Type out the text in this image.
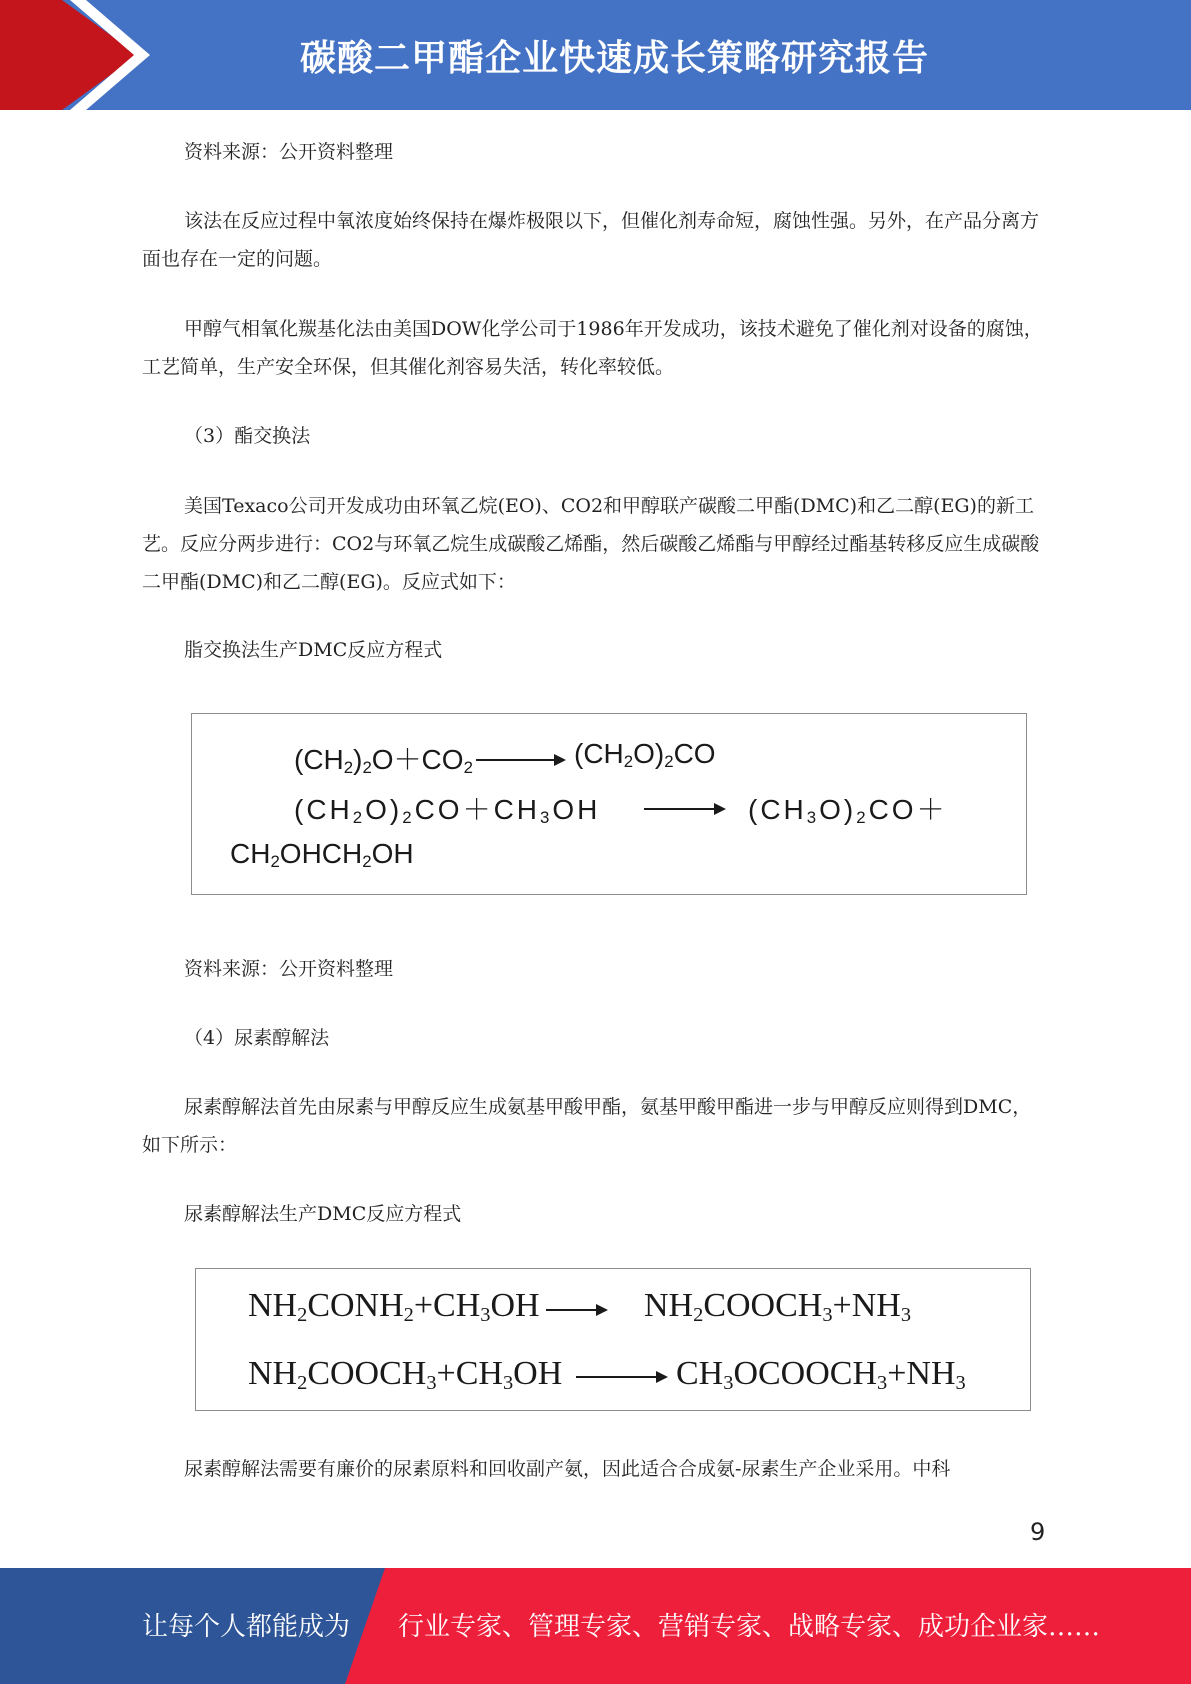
碳酸二甲酯企业快速成长策略研究报告

资料来源：公开资料整理

该法在反应过程中氧浓度始终保持在爆炸极限以下，但催化剂寿命短，腐蚀性强。另外，在产品分离方面也存在一定的问题。

甲醇气相氧化羰基化法由美国DOW化学公司于1986年开发成功，该技术避免了催化剂对设备的腐蚀，工艺简单，生产安全环保，但其催化剂容易失活，转化率较低。

（3）酯交换法

美国Texaco公司开发成功由环氧乙烷(EO)、CO2和甲醇联产碳酸二甲酯(DMC)和乙二醇(EG)的新工艺。反应分两步进行：CO2与环氧乙烷生成碳酸乙烯酯，然后碳酸乙烯酯与甲醇经过酯基转移反应生成碳酸二甲酯(DMC)和乙二醇(EG)。反应式如下：

脂交换法生产DMC反应方程式

$(CH_2)_2O+CO_2$	$(CH_2O)_2CO$
$(CH_2O)_2CO+CH_3OH$	$(CH_3O)_2CO+$
$CH_2OHCH_2OH$

资料来源：公开资料整理

（4）尿素醇解法

尿素醇解法首先由尿素与甲醇反应生成氨基甲酸甲酯，氨基甲酸甲酯进一步与甲醇反应则得到DMC，如下所示：

尿素醇解法生产DMC反应方程式

$NH_2CONH_2+CH_3OH$ → $NH_2COOCH_3+NH_3$
$NH_2COOCH_3+CH_3OH$	$CH_3OCOOCH_3+NH_3$

尿素醇解法需要有廉价的尿素原料和回收副产氨，因此适合合成氨-尿素生产企业采用。中科

9
让每个人都能成为 行业专家、管理专家、营销专家、战略专家、成功企业家……
